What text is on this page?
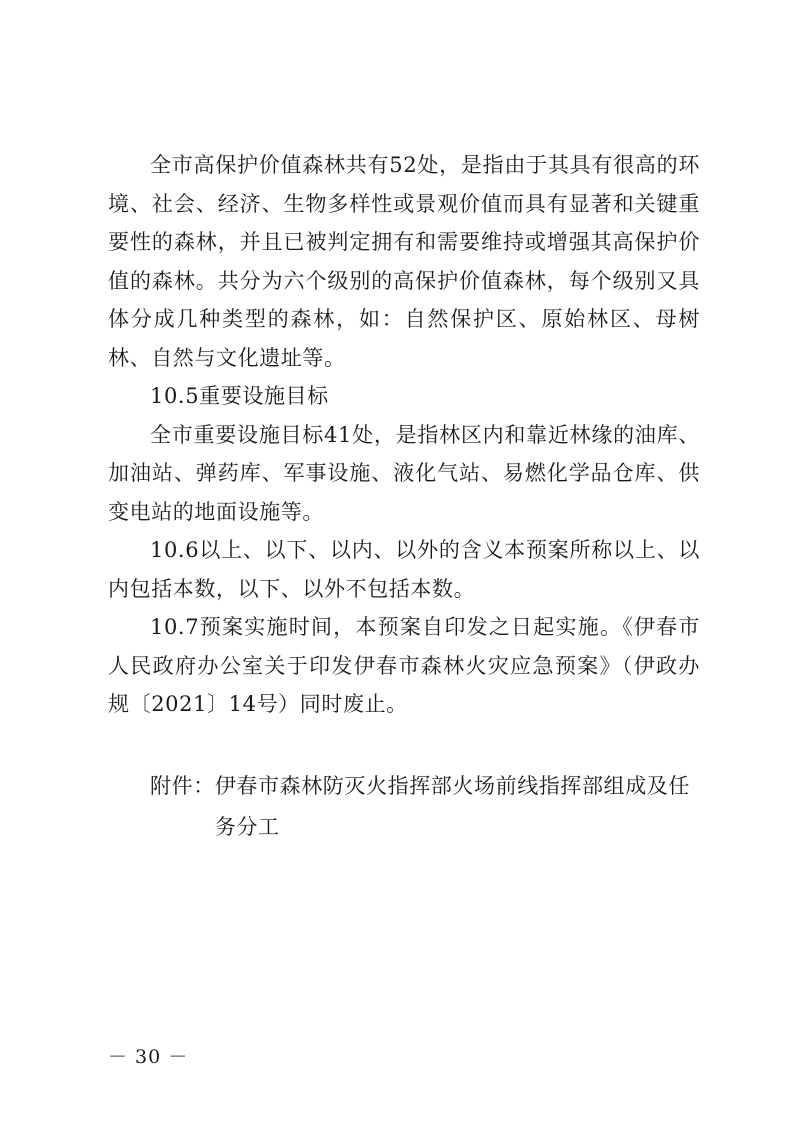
全市高保护价值森林共有52处，是指由于其具有很高的环境、社会、经济、生物多样性或景观价值而具有显著和关键重要性的森林，并且已被判定拥有和需要维持或增强其高保护价值的森林。共分为六个级别的高保护价值森林，每个级别又具体分成几种类型的森林，如：自然保护区、原始林区、母树林、自然与文化遗址等。

10.5重要设施目标

全市重要设施目标41处，是指林区内和靠近林缘的油库、加油站、弹药库、军事设施、液化气站、易燃化学品仓库、供变电站的地面设施等。

10.6以上、以下、以内、以外的含义本预案所称以上、以内包括本数，以下、以外不包括本数。

10.7预案实施时间，本预案自印发之日起实施。《伊春市人民政府办公室关于印发伊春市森林火灾应急预案》（伊政办规〔2021〕14号）同时废止。

附件： 伊春市森林防灭火指挥部火场前线指挥部组成及任务分工
－ 30 －
